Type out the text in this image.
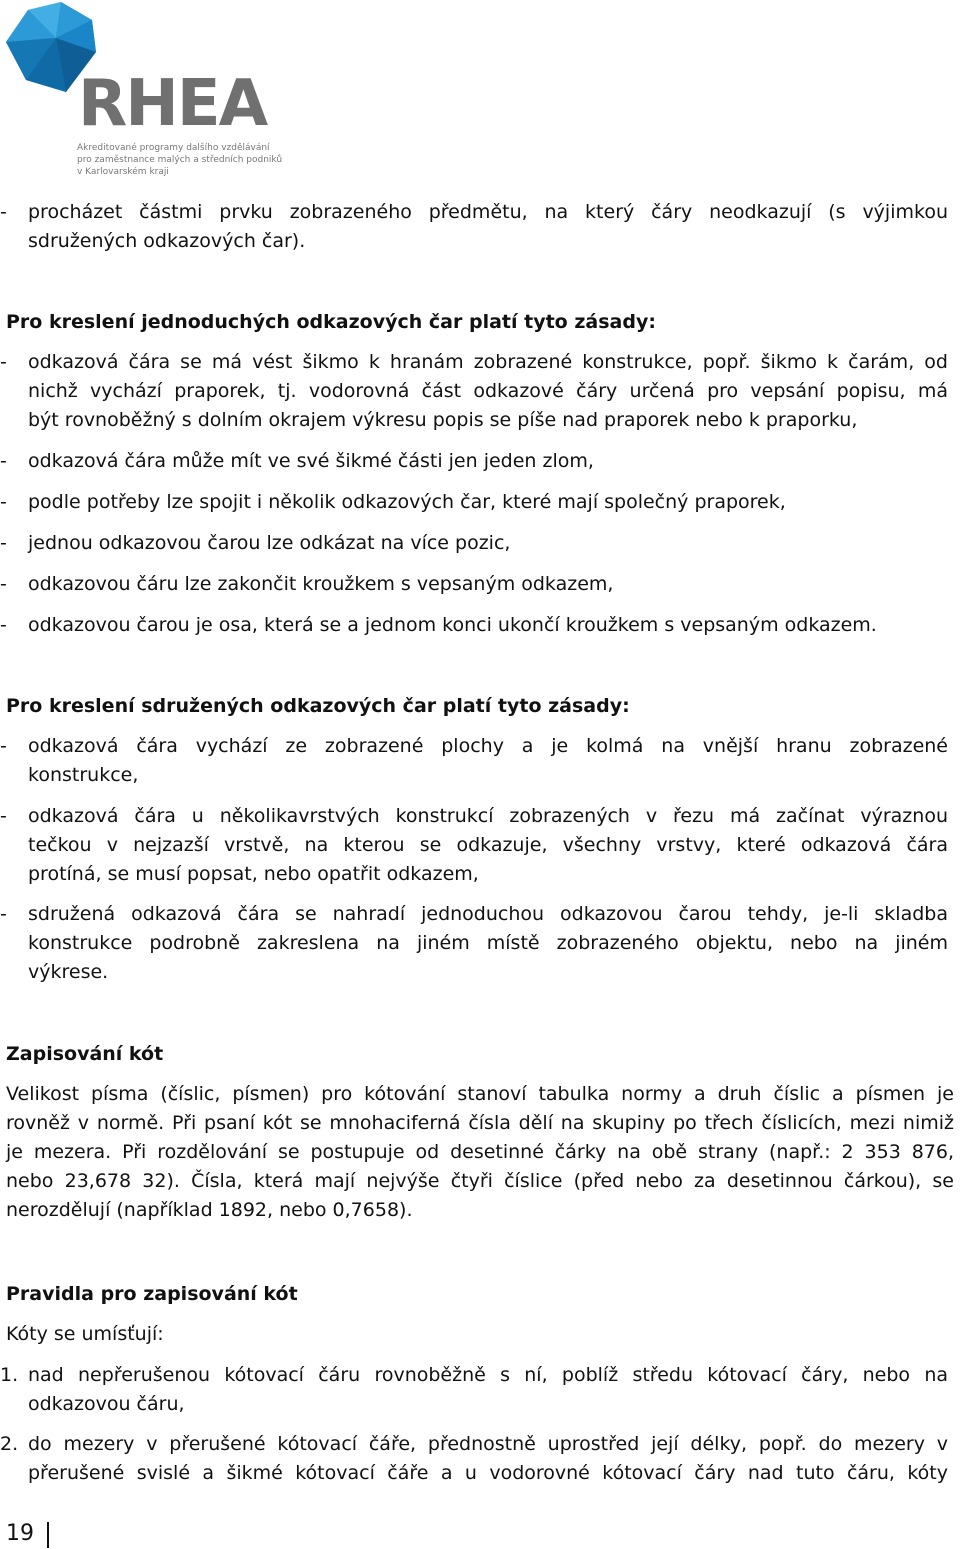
RHEA
Akreditované programy dalšího vzdělávání
pro zaměstnance malých a středních podniků
v Karlovarském kraji
- procházet částmi prvku zobrazeného předmětu, na který čáry neodkazují (s výjimkou
sdružených odkazových čar).
Pro kreslení jednoduchých odkazových čar platí tyto zásady:
- odkazová čára se má vést šikmo k hranám zobrazené konstrukce, popř. šikmo k čarám, od
nichž vychází praporek, tj. vodorovná část odkazové čáry určená pro vepsání popisu, má
být rovnoběžný s dolním okrajem výkresu popis se píše nad praporek nebo k praporku,
- odkazová čára může mít ve své šikmé části jen jeden zlom,
- podle potřeby lze spojit i několik odkazových čar, které mají společný praporek,
- jednou odkazovou čarou lze odkázat na více pozic,
- odkazovou čáru lze zakončit kroužkem s vepsaným odkazem,
- odkazovou čarou je osa, která se a jednom konci ukončí kroužkem s vepsaným odkazem.
Pro kreslení sdružených odkazových čar platí tyto zásady:
- odkazová čára vychází ze zobrazené plochy a je kolmá na vnější hranu zobrazené
konstrukce,
- odkazová čára u několikavrstvých konstrukcí zobrazených v řezu má začínat výraznou
tečkou v nejzazší vrstvě, na kterou se odkazuje, všechny vrstvy, které odkazová čára
protíná, se musí popsat, nebo opatřit odkazem,
- sdružená odkazová čára se nahradí jednoduchou odkazovou čarou tehdy, je-li skladba
konstrukce podrobně zakreslena na jiném místě zobrazeného objektu, nebo na jiném
výkrese.
Zapisování kót
Velikost písma (číslic, písmen) pro kótování stanoví tabulka normy a druh číslic a písmen je
rovněž v normě. Při psaní kót se mnohaciferná čísla dělí na skupiny po třech číslicích, mezi nimiž
je mezera. Při rozdělování se postupuje od desetinné čárky na obě strany (např.: 2 353 876,
nebo 23,678 32). Čísla, která mají nejvýše čtyři číslice (před nebo za desetinnou čárkou), se
nerozdělují (například 1892, nebo 0,7658).
Pravidla pro zapisování kót
Kóty se umísťují:
1. nad nepřerušenou kótovací čáru rovnoběžně s ní, poblíž středu kótovací čáry, nebo na
odkazovou čáru,
2. do mezery v přerušené kótovací čáře, přednostně uprostřed její délky, popř. do mezery v
přerušené svislé a šikmé kótovací čáře a u vodorovné kótovací čáry nad tuto čáru, kóty
19
